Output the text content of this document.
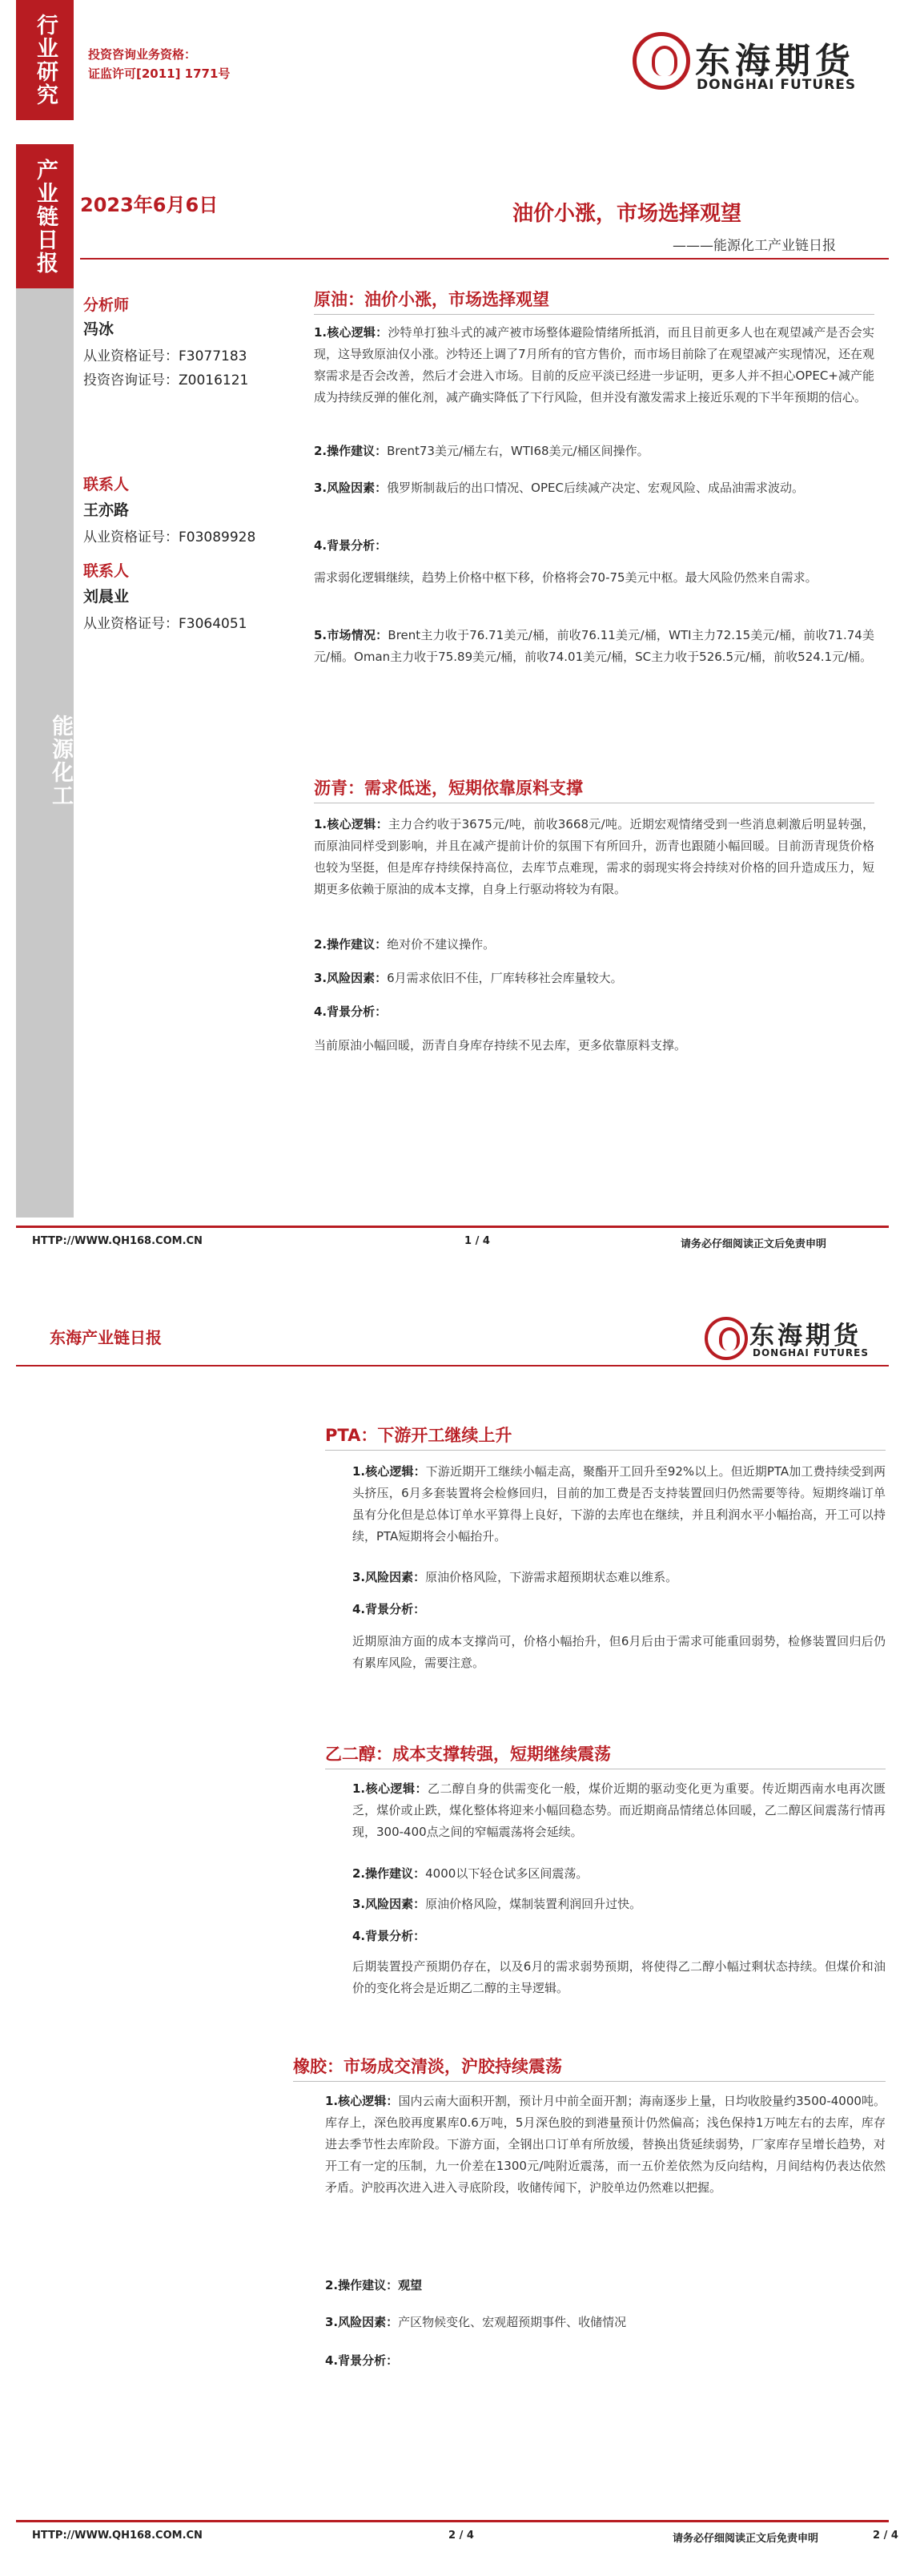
行业研究	投资咨询业务资格：
证监许可[2011] 1771号	东海期货
DONGHAI FUTURES
产业链日报
能源化工
2023年6月6日	油价小涨，市场选择观望
———能源化工产业链日报
分析师
冯冰
从业资格证号：F3077183
投资咨询证号：Z0016121
联系人
王亦路
从业资格证号：F03089928
联系人
刘晨业
从业资格证号：F3064051
原油：油价小涨，市场选择观望
1.核心逻辑：沙特单打独斗式的减产被市场整体避险情绪所抵消，而且目前更多人也在观望减产是否会实现，这导致原油仅小涨。沙特还上调了7月所有的官方售价，而市场目前除了在观望减产实现情况，还在观察需求是否会改善，然后才会进入市场。目前的反应平淡已经进一步证明，更多人并不担心OPEC+减产能成为持续反弹的催化剂，减产确实降低了下行风险，但并没有激发需求上接近乐观的下半年预期的信心。
2.操作建议：Brent73美元/桶左右，WTI68美元/桶区间操作。
3.风险因素：俄罗斯制裁后的出口情况、OPEC后续减产决定、宏观风险、成品油需求波动。
4.背景分析：
需求弱化逻辑继续，趋势上价格中枢下移，价格将会70-75美元中枢。最大风险仍然来自需求。
5.市场情况：Brent主力收于76.71美元/桶，前收76.11美元/桶，WTI主力72.15美元/桶，前收71.74美元/桶。Oman主力收于75.89美元/桶，前收74.01美元/桶，SC主力收于526.5元/桶，前收524.1元/桶。
沥青：需求低迷，短期依靠原料支撑
1.核心逻辑：主力合约收于3675元/吨，前收3668元/吨。近期宏观情绪受到一些消息刺激后明显转强，而原油同样受到影响，并且在减产提前计价的氛围下有所回升，沥青也跟随小幅回暖。目前沥青现货价格也较为坚挺，但是库存持续保持高位，去库节点难现，需求的弱现实将会持续对价格的回升造成压力，短期更多依赖于原油的成本支撑，自身上行驱动将较为有限。
2.操作建议：绝对价不建议操作。
3.风险因素：6月需求依旧不佳，厂库转移社会库量较大。
4.背景分析：
当前原油小幅回暖，沥青自身库存持续不见去库，更多依靠原料支撑。
HTTP://WWW.QH168.COM.CN	1 / 4	请务必仔细阅读正文后免责申明
东海产业链日报	东海期货
DONGHAI FUTURES
PTA：下游开工继续上升
1.核心逻辑：下游近期开工继续小幅走高，聚酯开工回升至92%以上。但近期PTA加工费持续受到两头挤压，6月多套装置将会检修回归，目前的加工费是否支持装置回归仍然需要等待。短期终端订单虽有分化但是总体订单水平算得上良好，下游的去库也在继续，并且利润水平小幅抬高，开工可以持续，PTA短期将会小幅抬升。
3.风险因素：原油价格风险，下游需求超预期状态难以维系。
4.背景分析：
近期原油方面的成本支撑尚可，价格小幅抬升，但6月后由于需求可能重回弱势，检修装置回归后仍有累库风险，需要注意。
乙二醇：成本支撑转强，短期继续震荡
1.核心逻辑：乙二醇自身的供需变化一般，煤价近期的驱动变化更为重要。传近期西南水电再次匮乏，煤价或止跌，煤化整体将迎来小幅回稳态势。而近期商品情绪总体回暖，乙二醇区间震荡行情再现，300-400点之间的窄幅震荡将会延续。
2.操作建议：4000以下轻仓试多区间震荡。
3.风险因素：原油价格风险，煤制装置利润回升过快。
4.背景分析：
后期装置投产预期仍存在，以及6月的需求弱势预期，将使得乙二醇小幅过剩状态持续。但煤价和油价的变化将会是近期乙二醇的主导逻辑。
橡胶：市场成交清淡，沪胶持续震荡
1.核心逻辑：国内云南大面积开割，预计月中前全面开割；海南逐步上量，日均收胶量约3500-4000吨。库存上，深色胶再度累库0.6万吨，5月深色胶的到港量预计仍然偏高；浅色保持1万吨左右的去库，库存进去季节性去库阶段。下游方面，全钢出口订单有所放缓，替换出货延续弱势，厂家库存呈增长趋势，对开工有一定的压制，九一价差在1300元/吨附近震荡，而一五价差依然为反向结构，月间结构仍表达依然矛盾。沪胶再次进入进入寻底阶段，收储传闻下，沪胶单边仍然难以把握。
2.操作建议：观望
3.风险因素：产区物候变化、宏观超预期事件、收储情况
4.背景分析：
HTTP://WWW.QH168.COM.CN	2 / 4	请务必仔细阅读正文后免责申明	2 / 4
